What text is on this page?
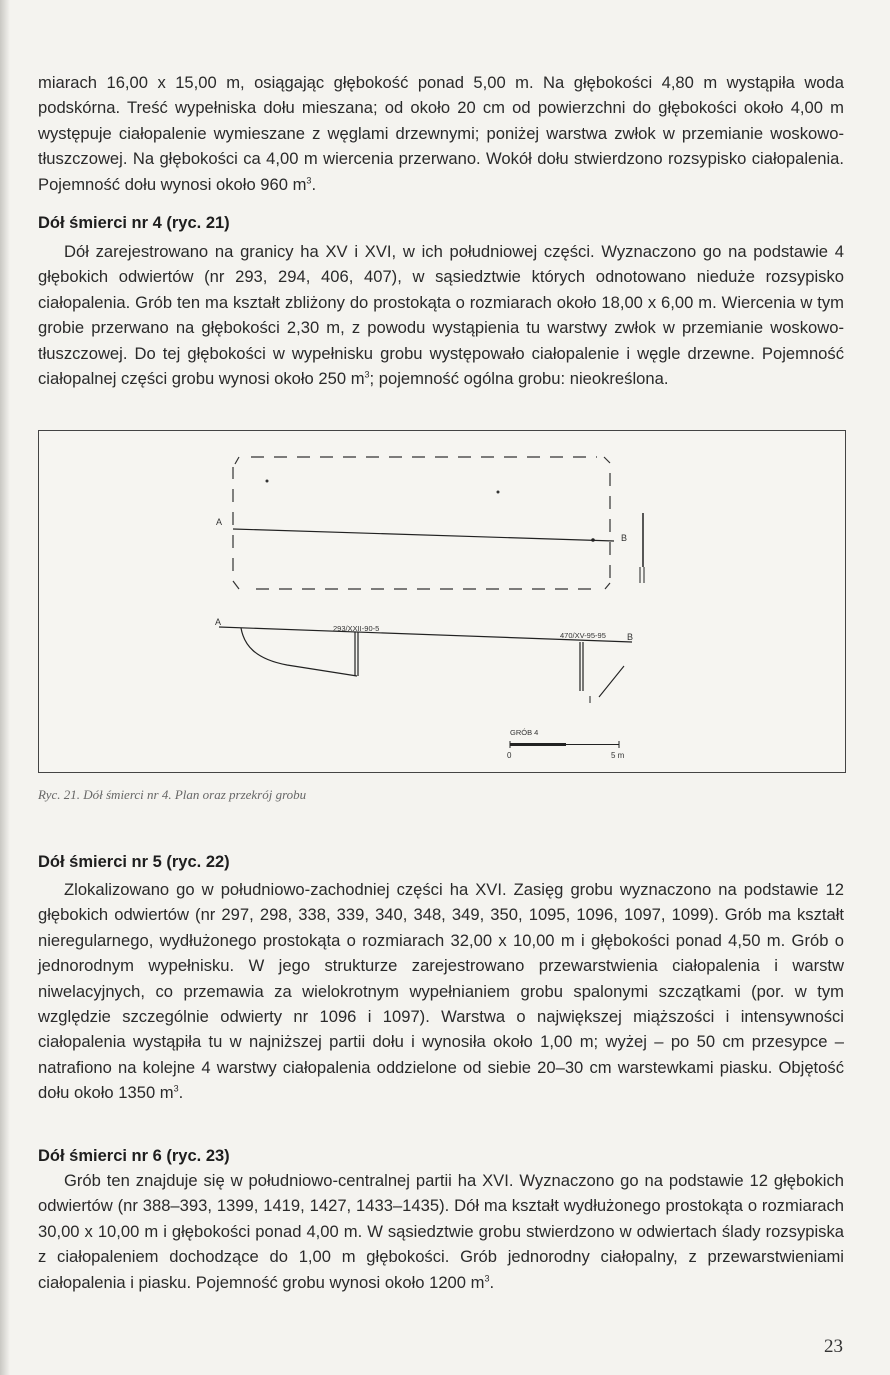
miarach 16,00 x 15,00 m, osiągając głębokość ponad 5,00 m. Na głębokości 4,80 m wystąpiła woda podskórna. Treść wypełniska dołu mieszana; od około 20 cm od powierzchni do głębokości około 4,00 m występuje ciałopalenie wymieszane z węglami drzewnymi; poniżej warstwa zwłok w przemianie woskowo-tłuszczowej. Na głębokości ca 4,00 m wiercenia przerwano. Wokół dołu stwierdzono rozsypisko ciałopalenia. Pojemność dołu wynosi około 960 $m^3$.

Dół śmierci nr 4 (ryc. 21)

Dół zarejestrowano na granicy ha XV i XVI, w ich południowej części. Wyznaczono go na podstawie 4 głębokich odwiertów (nr 293, 294, 406, 407), w sąsiedztwie których odnotowano nieduże rozsypisko ciałopalenia. Grób ten ma kształt zbliżony do prostokąta o rozmiarach około 18,00 x 6,00 m. Wiercenia w tym grobie przerwano na głębokości 2,30 m, z powodu wystąpienia tu warstwy zwłok w przemianie woskowo-tłuszczowej. Do tej głębokości w wypełnisku grobu występowało ciałopalenie i węgle drzewne. Pojemność ciałopalnej części grobu wynosi około 250 $m^3$; pojemność ogólna grobu: nieokreślona.

A
B
A
293/XXII-90-5
470/XV-95-95 B
GRÓB 4
0	5 m
Ryc. 21. Dół śmierci nr 4. Plan oraz przekrój grobu
Dół śmierci nr 5 (ryc. 22)

Zlokalizowano go w południowo-zachodniej części ha XVI. Zasięg grobu wyznaczono na podstawie 12 głębokich odwiertów (nr 297, 298, 338, 339, 340, 348, 349, 350, 1095, 1096, 1097, 1099). Grób ma kształt nieregularnego, wydłużonego prostokąta o rozmiarach 32,00 x 10,00 m i głębokości ponad 4,50 m. Grób o jednorodnym wypełnisku. W jego strukturze zarejestrowano przewarstwienia ciałopalenia i warstw niwelacyjnych, co przemawia za wielokrotnym wypełnianiem grobu spalonymi szczątkami (por. w tym względzie szczególnie odwierty nr 1096 i 1097). Warstwa o największej miąższości i intensywności ciałopalenia wystąpiła tu w najniższej partii dołu i wynosiła około 1,00 m; wyżej – po 50 cm przesypce – natrafiono na kolejne 4 warstwy ciałopalenia oddzielone od siebie 20–30 cm warstewkami piasku. Objętość dołu około 1350 $m^3$.

Dół śmierci nr 6 (ryc. 23)

Grób ten znajduje się w południowo-centralnej partii ha XVI. Wyznaczono go na podstawie 12 głębokich odwiertów (nr 388–393, 1399, 1419, 1427, 1433–1435). Dół ma kształt wydłużonego prostokąta o rozmiarach 30,00 x 10,00 m i głębokości ponad 4,00 m. W sąsiedztwie grobu stwierdzono w odwiertach ślady rozsypiska z ciałopaleniem dochodzące do 1,00 m głębokości. Grób jednorodny ciałopalny, z przewarstwieniami ciałopalenia i piasku. Pojemność grobu wynosi około 1200 $m^3$.

23
